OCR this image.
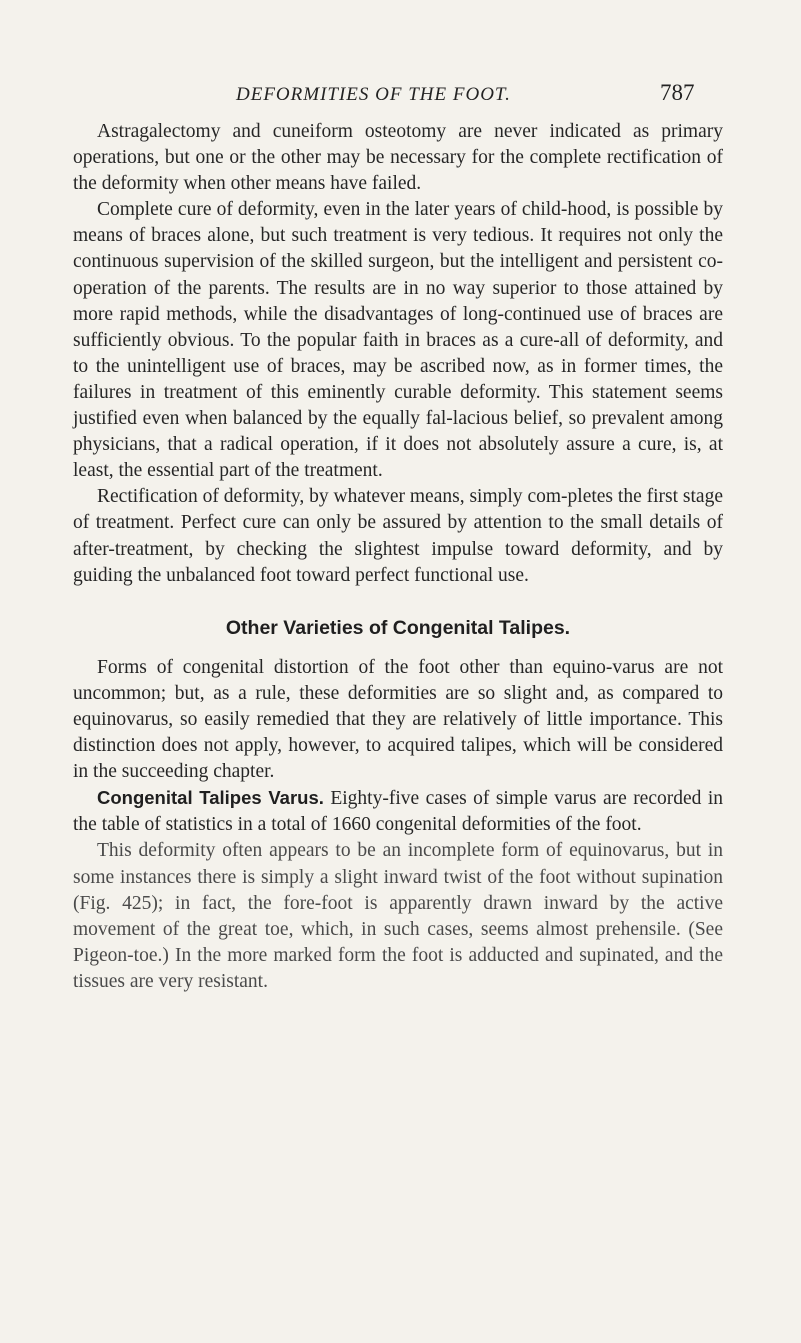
DEFORMITIES OF THE FOOT.	787

Astragalectomy and cuneiform osteotomy are never indicated as primary operations, but one or the other may be necessary for the complete rectification of the deformity when other means have failed.

Complete cure of deformity, even in the later years of child-hood, is possible by means of braces alone, but such treatment is very tedious. It requires not only the continuous supervision of the skilled surgeon, but the intelligent and persistent co-operation of the parents. The results are in no way superior to those attained by more rapid methods, while the disadvantages of long-continued use of braces are sufficiently obvious. To the popular faith in braces as a cure-all of deformity, and to the unintelligent use of braces, may be ascribed now, as in former times, the failures in treatment of this eminently curable deformity. This statement seems justified even when balanced by the equally fal-lacious belief, so prevalent among physicians, that a radical operation, if it does not absolutely assure a cure, is, at least, the essential part of the treatment.

Rectification of deformity, by whatever means, simply com-pletes the first stage of treatment. Perfect cure can only be assured by attention to the small details of after-treatment, by checking the slightest impulse toward deformity, and by guiding the unbalanced foot toward perfect functional use.

Other Varieties of Congenital Talipes.

Forms of congenital distortion of the foot other than equino-varus are not uncommon; but, as a rule, these deformities are so slight and, as compared to equinovarus, so easily remedied that they are relatively of little importance. This distinction does not apply, however, to acquired talipes, which will be considered in the succeeding chapter.

Congenital Talipes Varus. Eighty-five cases of simple varus are recorded in the table of statistics in a total of 1660 congenital deformities of the foot.

This deformity often appears to be an incomplete form of equinovarus, but in some instances there is simply a slight inward twist of the foot without supination (Fig. 425); in fact, the fore-foot is apparently drawn inward by the active movement of the great toe, which, in such cases, seems almost prehensile. (See Pigeon-toe.) In the more marked form the foot is adducted and supinated, and the tissues are very resistant.
